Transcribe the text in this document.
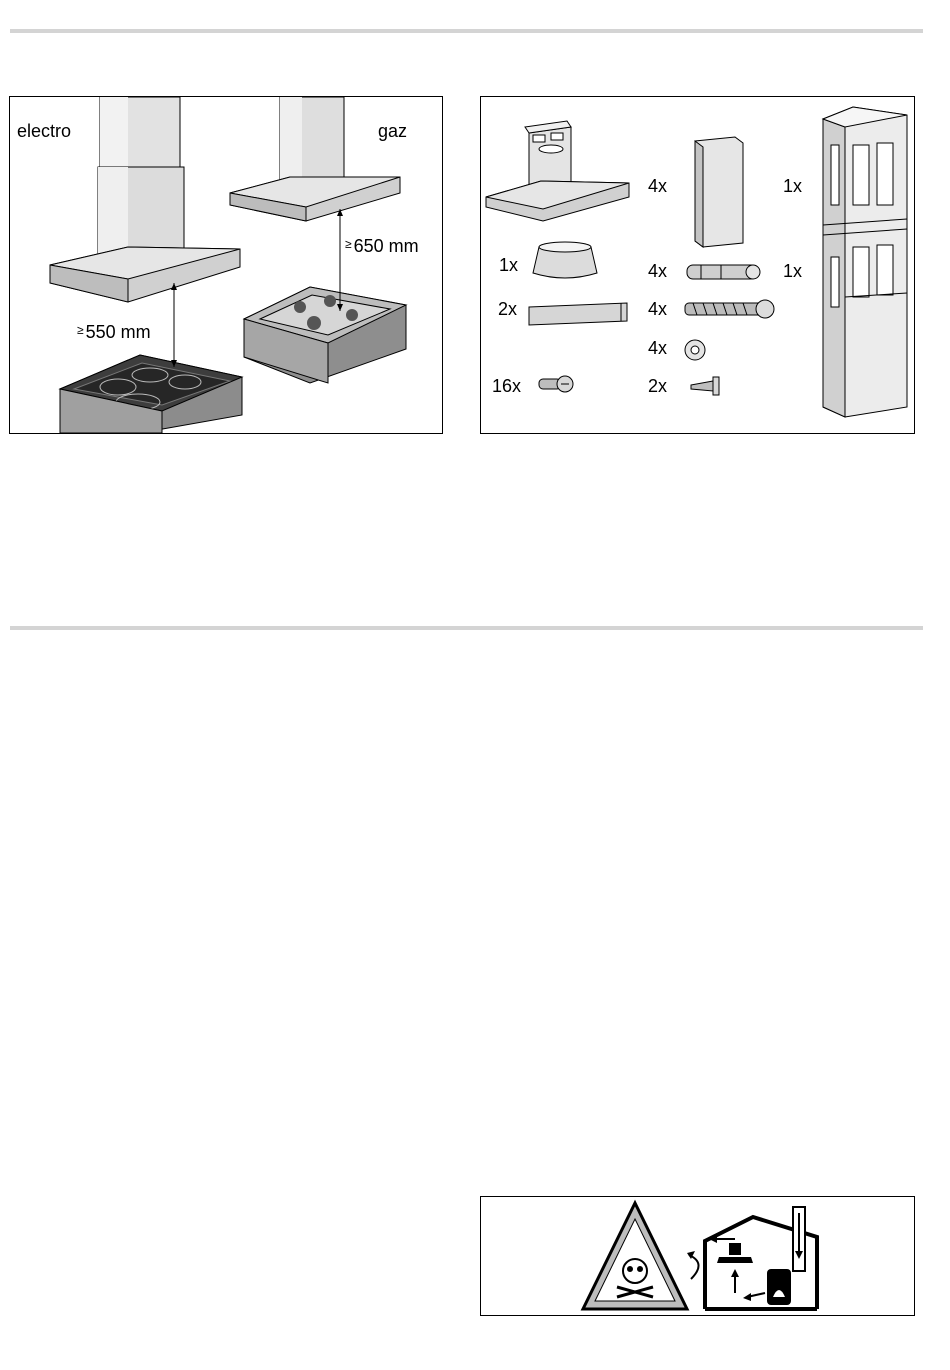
electro	gaz
≥ 650 mm
≥ 550 mm
1x
2x
16x
4x
4x
4x
4x
2x
1x
1x
